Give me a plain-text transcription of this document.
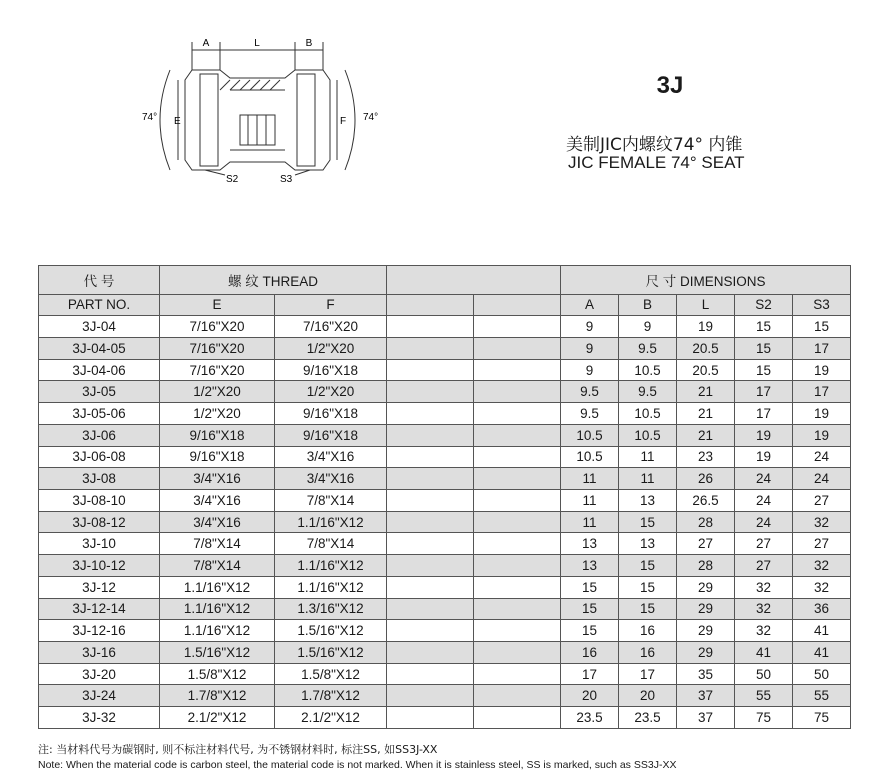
A	L	B
74°	74°
E	F
S2	S3
3J
美制JIC内螺纹74° 内锥
JIC FEMALE 74° SEAT
代 号	螺 纹 THREAD				尺 寸 DIMENSIONS				
PART NO.	E	F			A	B	L	S2	S3
3J-04	7/16"X20	7/16"X20			9	9	19	15	15
3J-04-05	7/16"X20	1/2"X20			9	9.5	20.5	15	17
3J-04-06	7/16"X20	9/16"X18			9	10.5	20.5	15	19
3J-05	1/2"X20	1/2"X20			9.5	9.5	21	17	17
3J-05-06	1/2"X20	9/16"X18			9.5	10.5	21	17	19
3J-06	9/16"X18	9/16"X18			10.5	10.5	21	19	19
3J-06-08	9/16"X18	3/4"X16			10.5	11	23	19	24
3J-08	3/4"X16	3/4"X16			11	11	26	24	24
3J-08-10	3/4"X16	7/8"X14			11	13	26.5	24	27
3J-08-12	3/4"X16	1.1/16"X12			11	15	28	24	32
3J-10	7/8"X14	7/8"X14			13	13	27	27	27
3J-10-12	7/8"X14	1.1/16"X12			13	15	28	27	32
3J-12	1.1/16"X12	1.1/16"X12			15	15	29	32	32
3J-12-14	1.1/16"X12	1.3/16"X12			15	15	29	32	36
3J-12-16	1.1/16"X12	1.5/16"X12			15	16	29	32	41
3J-16	1.5/16"X12	1.5/16"X12			16	16	29	41	41
3J-20	1.5/8"X12	1.5/8"X12			17	17	35	50	50
3J-24	1.7/8"X12	1.7/8"X12			20	20	37	55	55
3J-32	2.1/2"X12	2.1/2"X12			23.5	23.5	37	75	75
注: 当材料代号为碳钢时, 则不标注材料代号, 为不锈钢材料时, 标注SS, 如SS3J-XX
Note: When the material code is carbon steel, the material code is not marked. When it is stainless steel, SS is marked, such as SS3J-XX
